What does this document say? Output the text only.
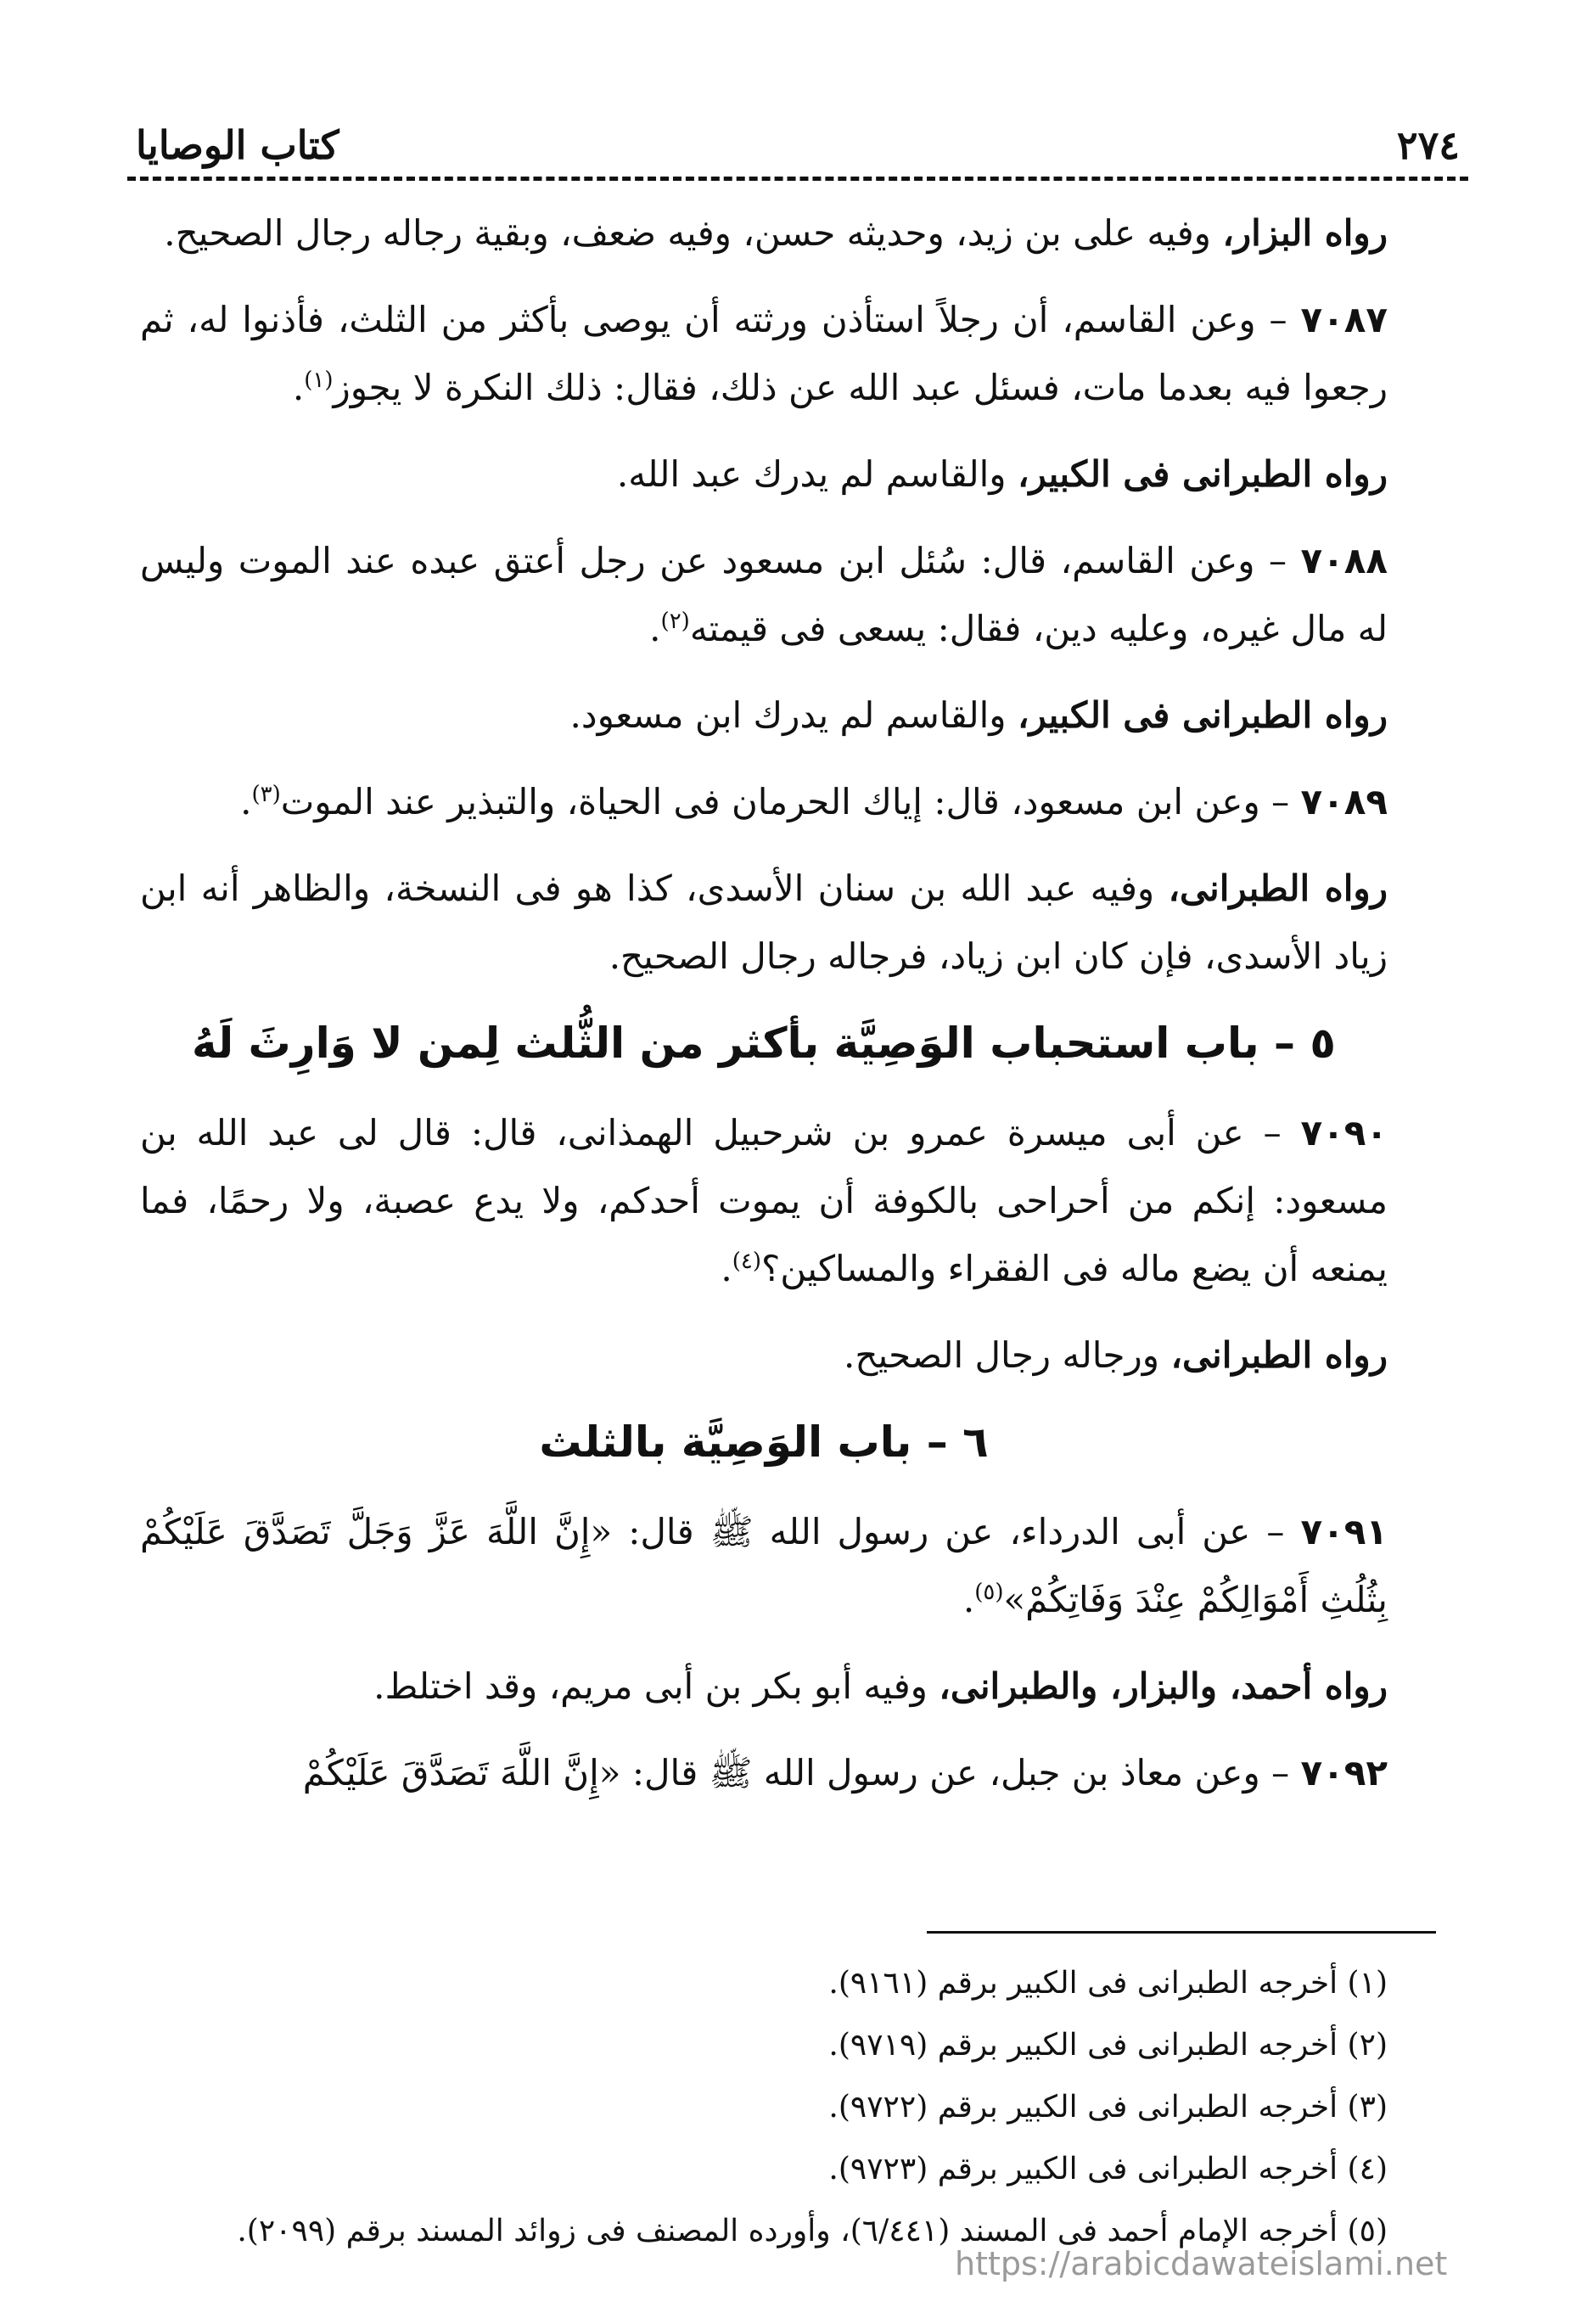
٢٧٤
كتاب الوصايا

رواه البزار، وفيه على بن زيد، وحديثه حسن، وفيه ضعف، وبقية رجاله رجال الصحيح.

٧٠٨٧ – وعن القاسم، أن رجلاً استأذن ورثته أن يوصى بأكثر من الثلث، فأذنوا له، ثم رجعوا فيه بعدما مات، فسئل عبد الله عن ذلك، فقال: ذلك النكرة لا يجوز$^{(١)}$.

رواه الطبرانى فى الكبير، والقاسم لم يدرك عبد الله.

٧٠٨٨ – وعن القاسم، قال: سُئل ابن مسعود عن رجل أعتق عبده عند الموت وليس له مال غيره، وعليه دين، فقال: يسعى فى قيمته$^{(٢)}$.

رواه الطبرانى فى الكبير، والقاسم لم يدرك ابن مسعود.

٧٠٨٩ – وعن ابن مسعود، قال: إياك الحرمان فى الحياة، والتبذير عند الموت$^{(٣)}$.

رواه الطبرانى، وفيه عبد الله بن سنان الأسدى، كذا هو فى النسخة، والظاهر أنه ابن زياد الأسدى، فإن كان ابن زياد، فرجاله رجال الصحيح.

٥ – باب استحباب الوَصِيَّة بأكثر من الثُّلث لِمن لا وَارِثَ لَهُ

٧٠٩٠ – عن أبى ميسرة عمرو بن شرحبيل الهمذانى، قال: قال لى عبد الله بن مسعود: إنكم من أحراحى بالكوفة أن يموت أحدكم، ولا يدع عصبة، ولا رحمًا، فما يمنعه أن يضع ماله فى الفقراء والمساكين؟$^{(٤)}$.

رواه الطبرانى، ورجاله رجال الصحيح.

٦ – باب الوَصِيَّة بالثلث

٧٠٩١ – عن أبى الدرداء، عن رسول الله ﷺ قال: «إِنَّ اللَّهَ عَزَّ وَجَلَّ تَصَدَّقَ عَلَيْكُمْ بِثُلُثِ أَمْوَالِكُمْ عِنْدَ وَفَاتِكُمْ»$^{(٥)}$.

رواه أحمد، والبزار، والطبرانى، وفيه أبو بكر بن أبى مريم، وقد اختلط.

٧٠٩٢ – وعن معاذ بن جبل، عن رسول الله ﷺ قال: «إِنَّ اللَّهَ تَصَدَّقَ عَلَيْكُمْ

(١) أخرجه الطبرانى فى الكبير برقم (٩١٦١).
(٢) أخرجه الطبرانى فى الكبير برقم (٩٧١٩).
(٣) أخرجه الطبرانى فى الكبير برقم (٩٧٢٢).
(٤) أخرجه الطبرانى فى الكبير برقم (٩٧٢٣).
(٥) أخرجه الإمام أحمد فى المسند (٦/٤٤١)، وأورده المصنف فى زوائد المسند برقم (٢٠٩٩).
https://arabicdawateislami.net
